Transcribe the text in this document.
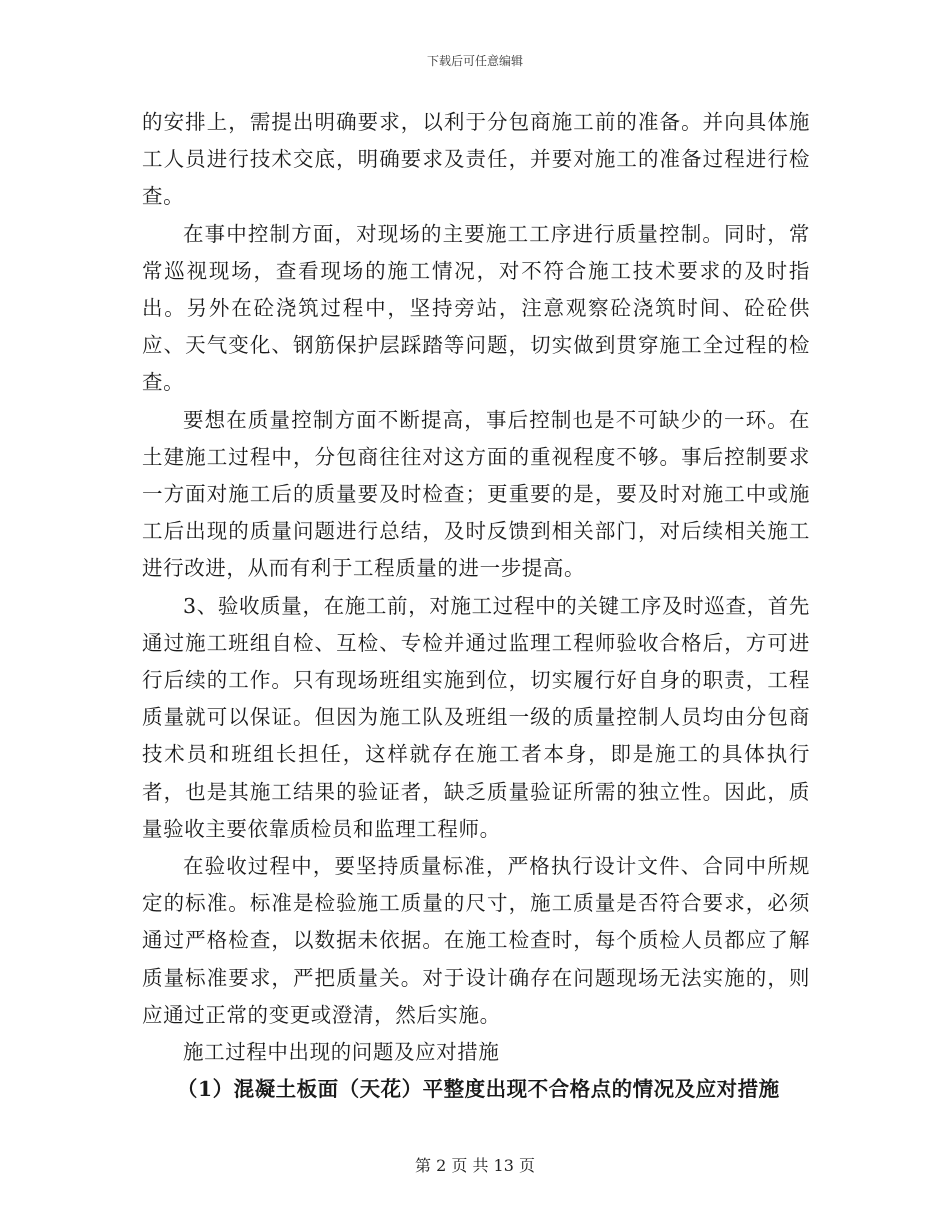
下载后可任意编辑

的安排上，需提出明确要求，以利于分包商施工前的准备。并向具体施工人员进行技术交底，明确要求及责任，并要对施工的准备过程进行检查。

在事中控制方面，对现场的主要施工工序进行质量控制。同时，常常巡视现场，查看现场的施工情况，对不符合施工技术要求的及时指出。另外在砼浇筑过程中，坚持旁站，注意观察砼浇筑时间、砼砼供应、天气变化、钢筋保护层踩踏等问题，切实做到贯穿施工全过程的检查。

要想在质量控制方面不断提高，事后控制也是不可缺少的一环。在土建施工过程中，分包商往往对这方面的重视程度不够。事后控制要求一方面对施工后的质量要及时检查；更重要的是，要及时对施工中或施工后出现的质量问题进行总结，及时反馈到相关部门，对后续相关施工进行改进，从而有利于工程质量的进一步提高。

3、验收质量，在施工前，对施工过程中的关键工序及时巡查，首先通过施工班组自检、互检、专检并通过监理工程师验收合格后，方可进行后续的工作。只有现场班组实施到位，切实履行好自身的职责，工程质量就可以保证。但因为施工队及班组一级的质量控制人员均由分包商技术员和班组长担任，这样就存在施工者本身，即是施工的具体执行者，也是其施工结果的验证者，缺乏质量验证所需的独立性。因此，质量验收主要依靠质检员和监理工程师。

在验收过程中，要坚持质量标准，严格执行设计文件、合同中所规定的标准。标准是检验施工质量的尺寸，施工质量是否符合要求，必须通过严格检查，以数据未依据。在施工检查时，每个质检人员都应了解质量标准要求，严把质量关。对于设计确存在问题现场无法实施的，则应通过正常的变更或澄清，然后实施。

施工过程中出现的问题及应对措施

（1）混凝土板面（天花）平整度出现不合格点的情况及应对措施

第 2 页 共 13 页
